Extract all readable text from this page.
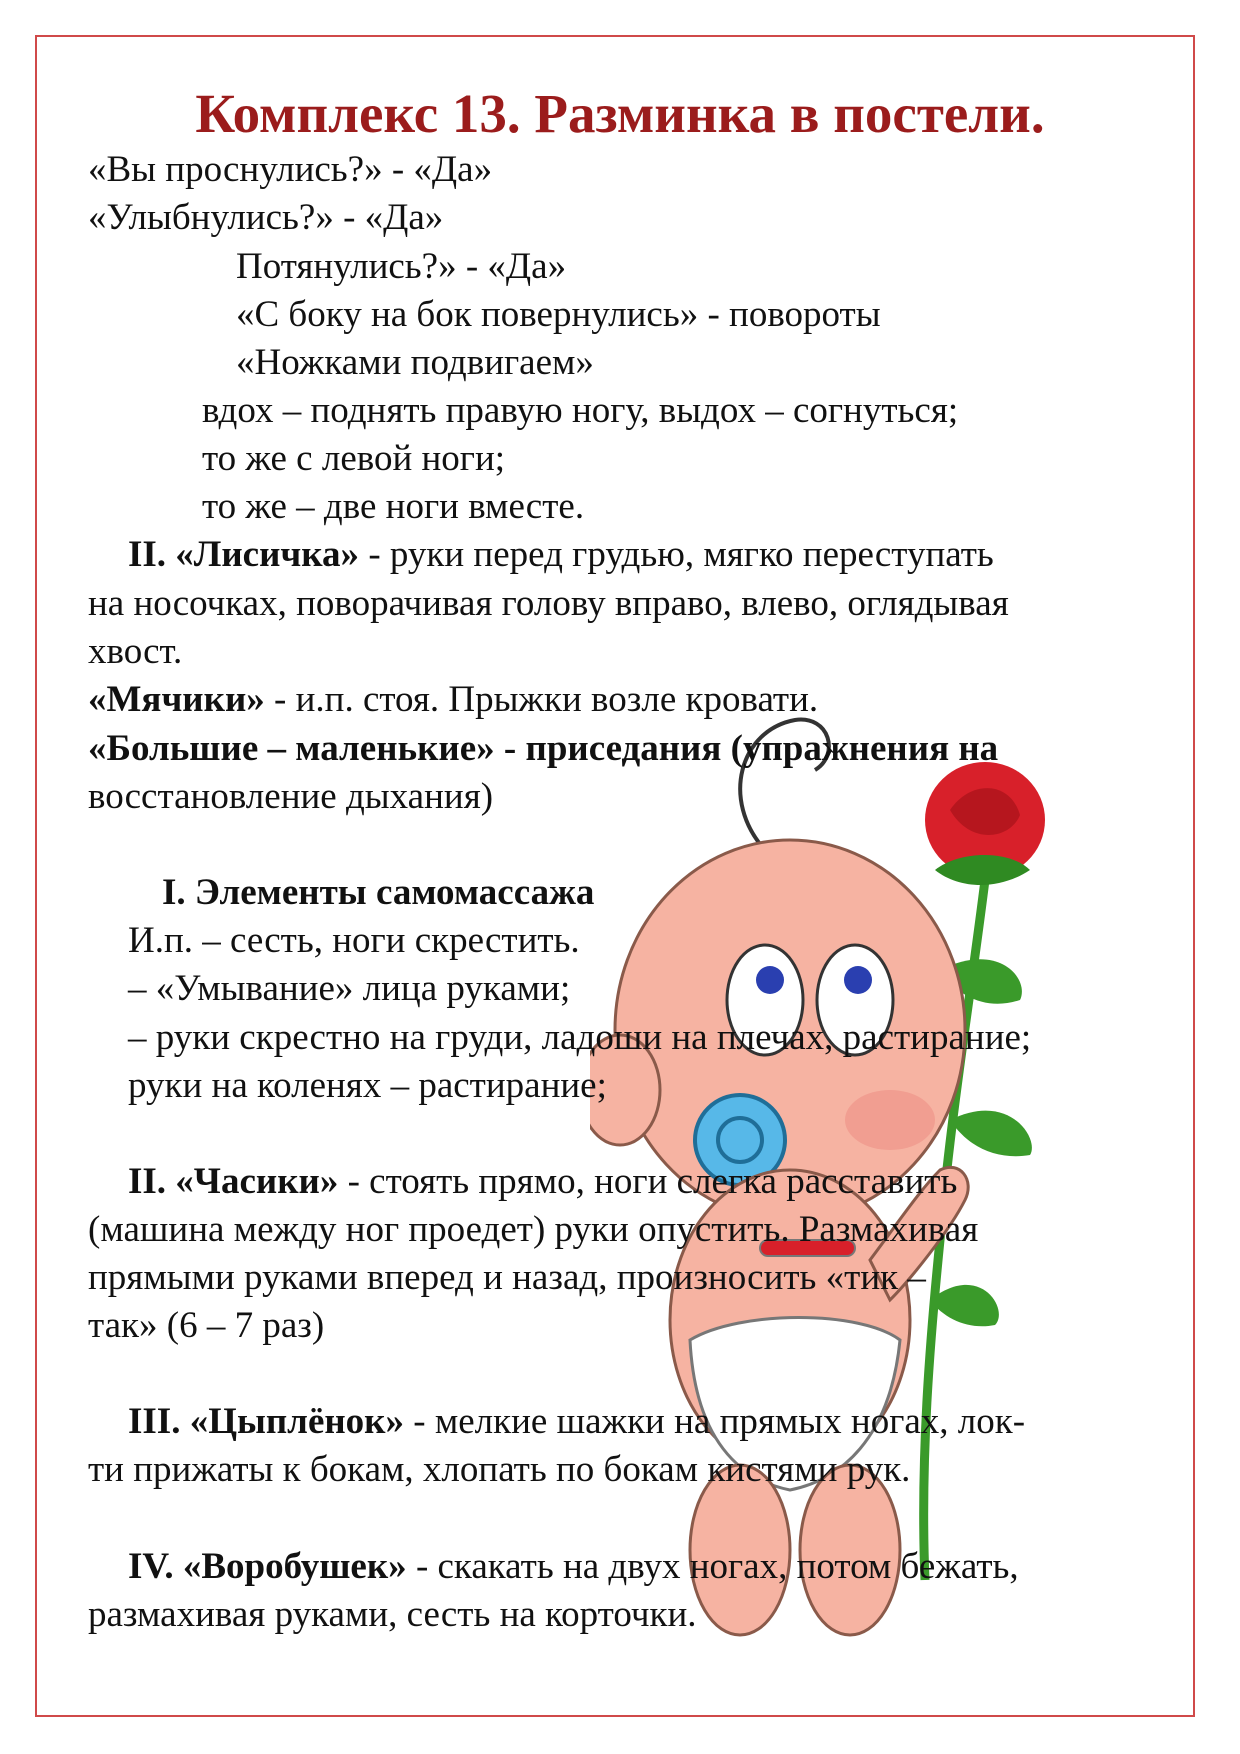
Комплекс 13. Разминка в постели.
«Вы проснулись?» - «Да»
«Улыбнулись?» - «Да»
Потянулись?» - «Да»
«С боку на бок повернулись» - повороты
«Ножками подвигаем»
вдох – поднять правую ногу, выдох – согнуться;
то же с левой ноги;
то же – две ноги вместе.
II. «Лисичка» - руки перед грудью, мягко переступать
на носочках, поворачивая голову вправо, влево, оглядывая
хвост.
«Мячики» - и.п. стоя. Прыжки возле кровати.
«Большие – маленькие» - приседания (упражнения на
восстановление дыхания)
I. Элементы самомассажа
И.п. – сесть, ноги скрестить.
– «Умывание» лица руками;
– руки скрестно на груди, ладоши на плечах, растирание;
руки на коленях – растирание;
II. «Часики» - стоять прямо, ноги слегка расставить
(машина между ног проедет) руки опустить. Размахивая
прямыми руками вперед и назад, произносить «тик –
так» (6 – 7 раз)
III. «Цыплёнок» - мелкие шажки на прямых ногах, лок-
ти прижаты к бокам, хлопать по бокам кистями рук.
IV. «Воробушек» - скакать на двух ногах, потом бежать,
размахивая руками, сесть на корточки.
